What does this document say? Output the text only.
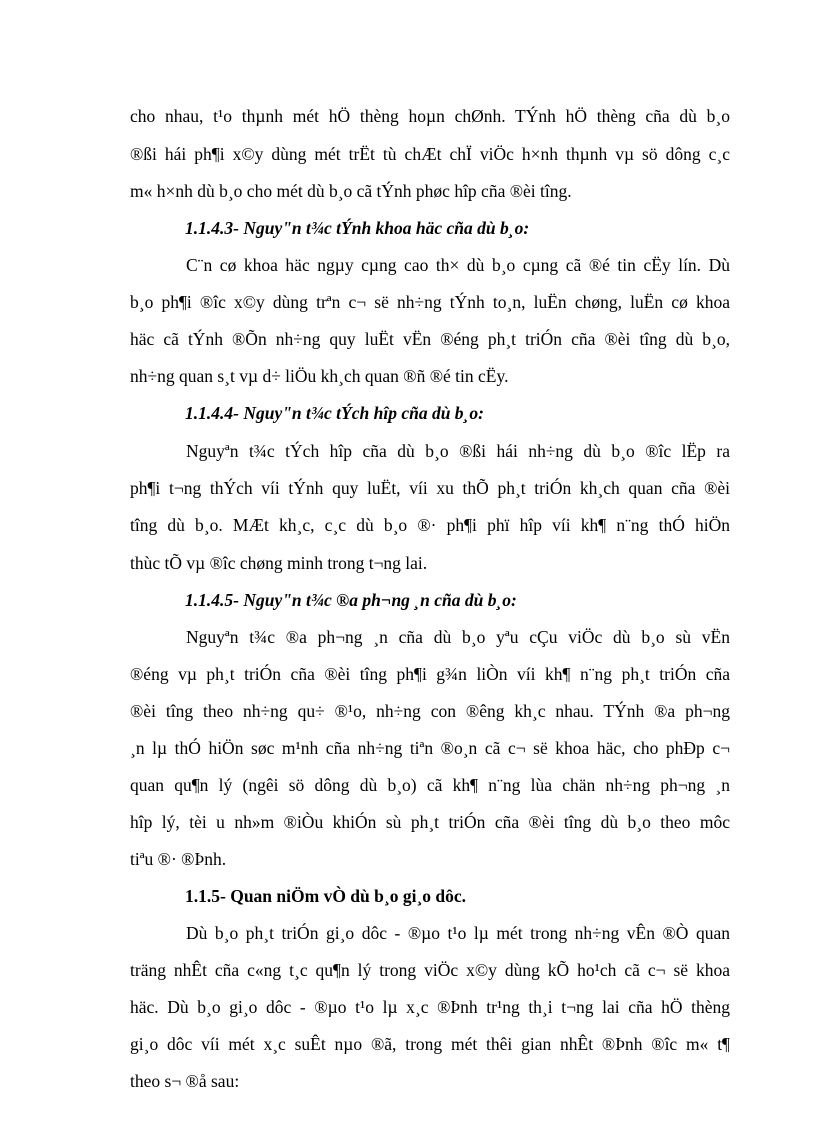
cho nhau, t¹o thµnh mét hÖ thèng hoµn chØnh. TÝnh hÖ thèng cña dù b¸o
®ßi hái ph¶i x©y dùng mét trËt tù chÆt chÏ viÖc h×nh thµnh vµ sö dông c¸c
m« h×nh dù b¸o cho mét dù b¸o cã tÝnh phøc hîp cña ®èi tîng.
1.1.4.3- Nguy"n t¾c tÝnh khoa häc cña dù b¸o:
C¨n cø khoa häc ngµy cµng cao th× dù b¸o cµng cã ®é tin cËy lín. Dù
b¸o ph¶i ®îc x©y dùng trªn c¬ së nh÷ng tÝnh to¸n, luËn chøng, luËn cø khoa
häc cã tÝnh ®Õn nh÷ng quy luËt vËn ®éng ph¸t triÓn cña ®èi tîng dù b¸o,
nh÷ng quan s¸t vµ d÷ liÖu kh¸ch quan ®ñ ®é tin cËy.
1.1.4.4- Nguy"n t¾c tÝch hîp cña dù b¸o:
Nguyªn t¾c tÝch hîp cña dù b¸o ®ßi hái nh÷ng dù b¸o ®îc lËp ra
ph¶i t¬ng thÝch víi tÝnh quy luËt, víi xu thÕ ph¸t triÓn kh¸ch quan cña ®èi
tîng dù b¸o. MÆt kh¸c, c¸c dù b¸o ®· ph¶i phï hîp víi kh¶ n¨ng thÓ hiÖn
thùc tÕ vµ ®îc chøng minh trong t¬ng lai.
1.1.4.5- Nguy"n t¾c ®a ph¬ng ¸n cña dù b¸o:
Nguyªn t¾c ®a ph¬ng ¸n cña dù b¸o yªu cÇu viÖc dù b¸o sù vËn
®éng vµ ph¸t triÓn cña ®èi tîng ph¶i g¾n liÒn víi kh¶ n¨ng ph¸t triÓn cña
®èi tîng theo nh÷ng qu÷ ®¹o, nh÷ng con ®êng kh¸c nhau. TÝnh ®a ph¬ng
¸n lµ thÓ hiÖn søc m¹nh cña nh÷ng tiªn ®o¸n cã c¬ së khoa häc, cho phÐp c¬
quan qu¶n lý (ngêi sö dông dù b¸o) cã kh¶ n¨ng lùa chän nh÷ng ph¬ng ¸n
hîp lý, tèi u nh»m ®iÒu khiÓn sù ph¸t triÓn cña ®èi tîng dù b¸o theo môc
tiªu ®· ®Þnh.
1.1.5- Quan niÖm vÒ dù b¸o gi¸o dôc.
Dù b¸o ph¸t triÓn gi¸o dôc - ®µo t¹o lµ mét trong nh÷ng vÊn ®Ò quan
träng nhÊt cña c«ng t¸c qu¶n lý trong viÖc x©y dùng kÕ ho¹ch cã c¬ së khoa
häc. Dù b¸o gi¸o dôc - ®µo t¹o lµ x¸c ®Þnh tr¹ng th¸i t¬ng lai cña hÖ thèng
gi¸o dôc víi mét x¸c suÊt nµo ®ã, trong mét thêi gian nhÊt ®Þnh ®îc m« t¶
theo s¬ ®å sau:
